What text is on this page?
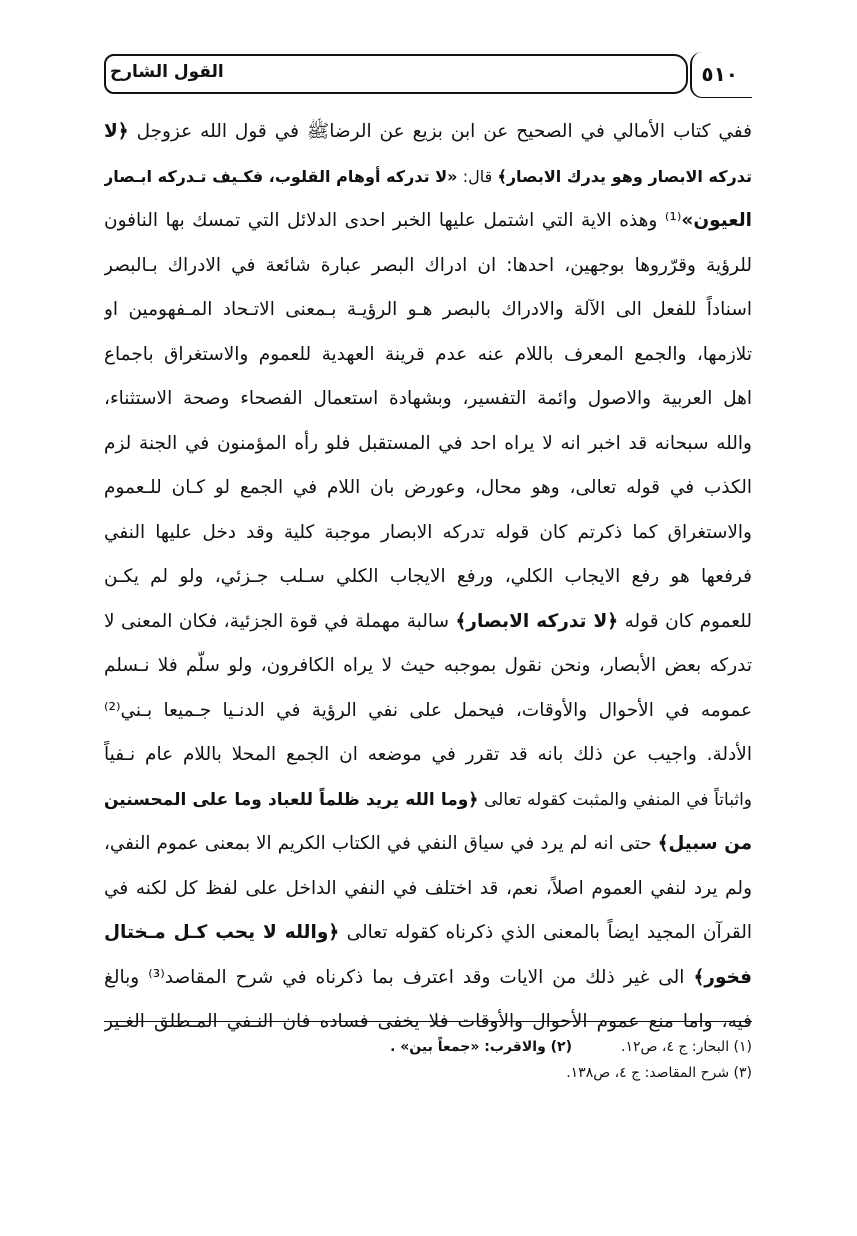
القول الشارح	٥١٠
ففي كتاب الأمالي في الصحيح عن ابن بزيع عن الرضاﷺ في قول الله عزوجل ﴿لا
تدركه الابصار وهو يدرك الابصار﴾ قال: «لا تدركه أوهام القلوب، فكـيف تـدركه ابـصار
العيون»⁽¹⁾ وهذه الاية التي اشتمل عليها الخبر احدى الدلائل التي تمسك بها النافون
للرؤية وقرّروها بوجهين، احدها: ان ادراك البصر عبارة شائعة في الادراك بـالبصر
اسناداً للفعل الى الآلة والادراك بالبصر هـو الرؤيـة بـمعنى الاتـحاد المـفهومين او
تلازمها، والجمع المعرف باللام عنه عدم قرينة العهدية للعموم والاستغراق باجماع
اهل العربية والاصول وائمة التفسير، وبشهادة استعمال الفصحاء وصحة الاستثناء،
والله سبحانه قد اخبر انه لا يراه احد في المستقبل فلو رأه المؤمنون في الجنة لزم
الكذب في قوله تعالى، وهو محال، وعورض بان اللام في الجمع لو كـان للـعموم
والاستغراق كما ذكرتم كان قوله تدركه الابصار موجبة كلية وقد دخل عليها النفي
فرفعها هو رفع الايجاب الكلي، ورفع الايجاب الكلي سـلب جـزئي، ولو لم يكـن
للعموم كان قوله ﴿لا تدركه الابصار﴾ سالبة مهملة في قوة الجزئية، فكان المعنى لا
تدركه بعض الأبصار، ونحن نقول بموجبه حيث لا يراه الكافرون، ولو سلّم فلا نـسلم
عمومه في الأحوال والأوقات، فيحمل على نفي الرؤية في الدنـيا جـميعا بـني⁽²⁾
الأدلة. واجيب عن ذلك بانه قد تقرر في موضعه ان الجمع المحلا باللام عام نـفياً
واثباتاً في المنفي والمثبت كقوله تعالى ﴿وما الله يريد ظلماً للعباد وما على المحسنين
من سبيل﴾ حتى انه لم يرد في سياق النفي في الكتاب الكريم الا بمعنى عموم النفي،
ولم يرد لنفي العموم اصلاً، نعم، قد اختلف في النفي الداخل على لفظ كل لكنه في
القرآن المجيد ايضاً بالمعنى الذي ذكرناه كقوله تعالى ﴿والله لا يحب كـل مـختال
فخور﴾ الى غير ذلك من الايات وقد اعترف بما ذكرناه في شرح المقاصد⁽³⁾ وبالغ
فيه، واما منع عموم الأحوال والأوقات فلا يخفى فساده فان النـفي المـطلق الغـير
(١) البحار: ج ٤، ص١٢.
(٢) والاقرب: «جمعاً بين» .
(٣) شرح المقاصد: ج ٤، ص١٣٨.
